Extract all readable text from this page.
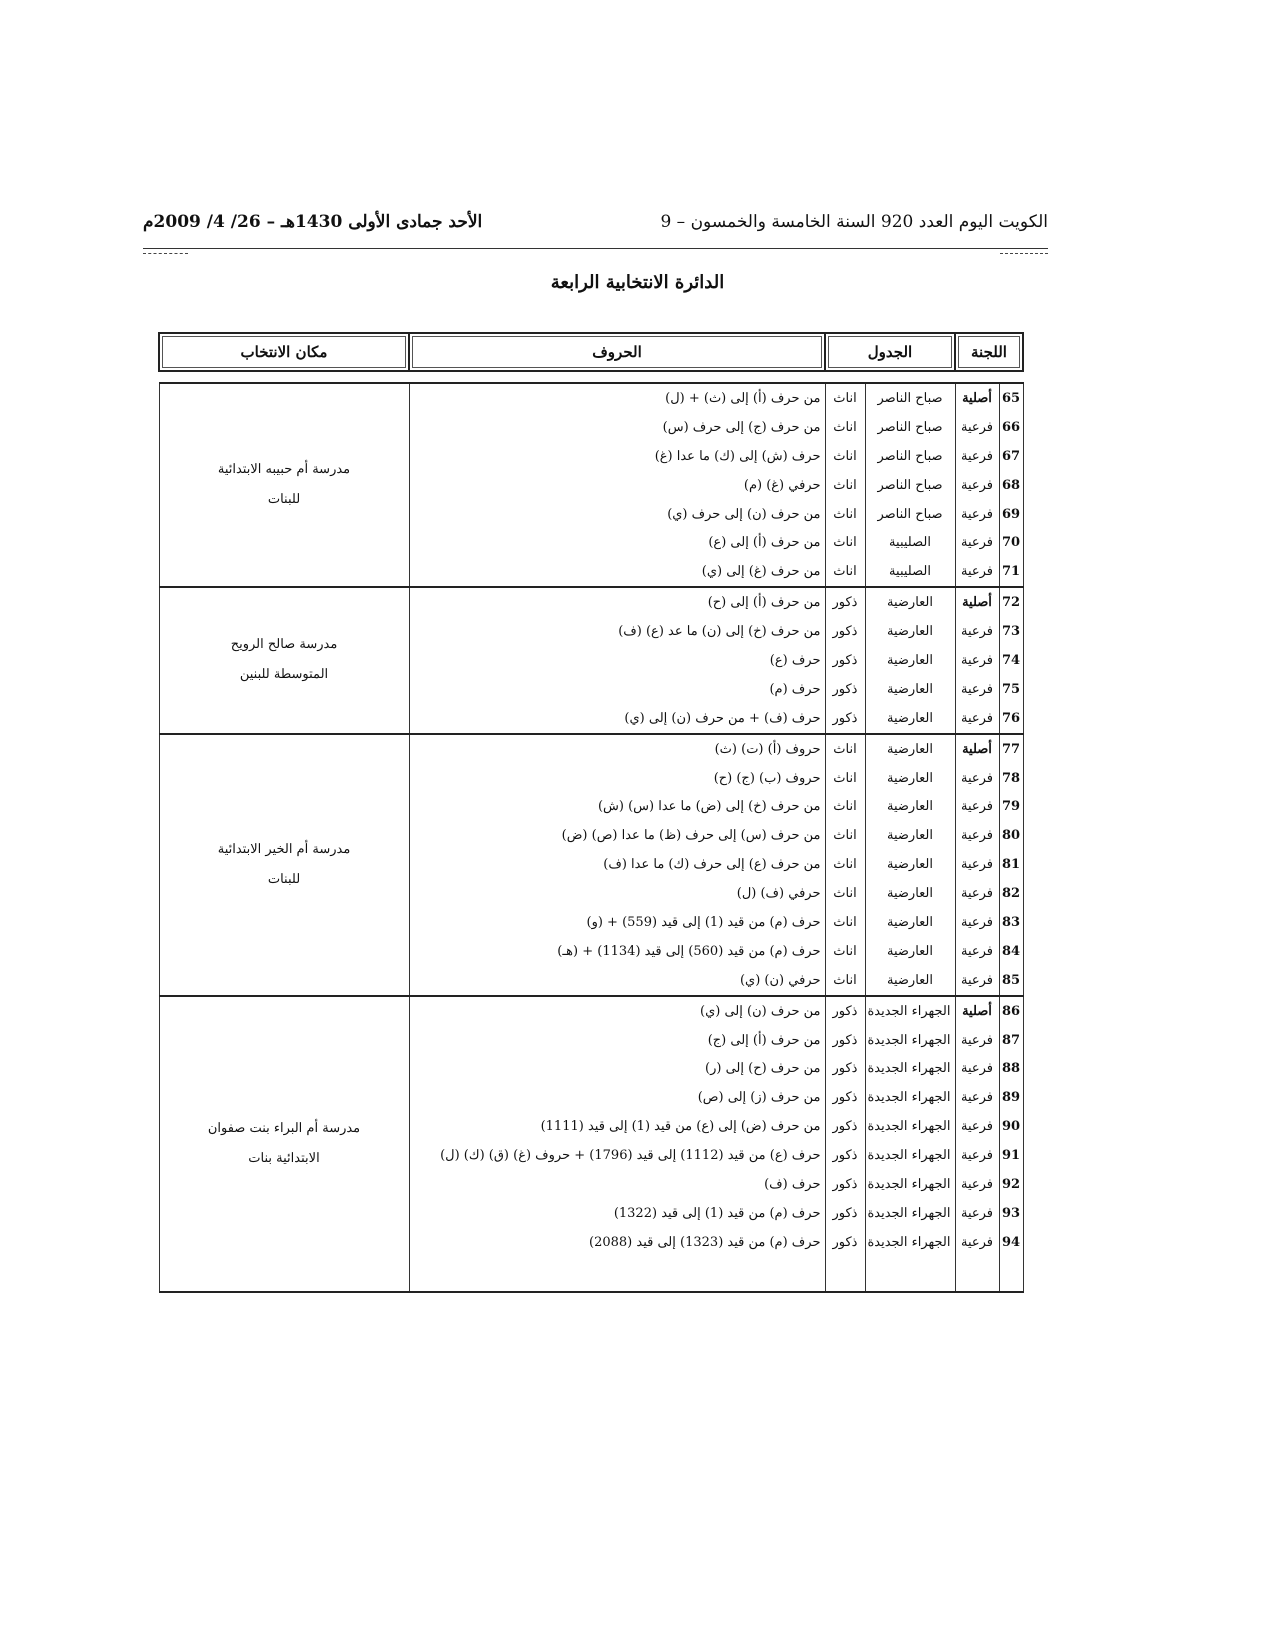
الكويت اليوم العدد 920 السنة الخامسة والخمسون – 9
الأحد جمادى الأولى 1430هـ – 26/ 4/ 2009م
الدائرة الانتخابية الرابعة
اللجنة		الجدول		الحروف	مكان الانتخاب

65	أصلية	صباح الناصر	اناث	من حرف (أ) إلى (ث) + (ل)	مدرسة أم حبيبه الابتدائية
للبنات

66	فرعية	صباح الناصر	اناث	من حرف (ج) إلى حرف (س)	
67	فرعية	صباح الناصر	اناث	حرف (ش) إلى (ك) ما عدا (غ)	
68	فرعية	صباح الناصر	اناث	حرفي (غ) (م)	
69	فرعية	صباح الناصر	اناث	من حرف (ن) إلى حرف (ي)	
70	فرعية	الصليبية	اناث	من حرف (أ) إلى (ع)	
71	فرعية	الصليبية	اناث	من حرف (غ) إلى (ي)	
72	أصلية	العارضية	ذكور	من حرف (أ) إلى (ح)	مدرسة صالح الرويح
المتوسطة للبنين

73	فرعية	العارضية	ذكور	من حرف (خ) إلى (ن) ما عد (ع) (ف)	
74	فرعية	العارضية	ذكور	حرف (ع)	
75	فرعية	العارضية	ذكور	حرف (م)	
76	فرعية	العارضية	ذكور	حرف (ف) + من حرف (ن) إلى (ي)	
77	أصلية	العارضية	اناث	حروف (أ) (ت) (ث)	مدرسة أم الخير الابتدائية
للبنات

78	فرعية	العارضية	اناث	حروف (ب) (ج) (ح)	
79	فرعية	العارضية	اناث	من حرف (خ) إلى (ض) ما عدا (س) (ش)	
80	فرعية	العارضية	اناث	من حرف (س) إلى حرف (ظ) ما عدا (ص) (ض)	
81	فرعية	العارضية	اناث	من حرف (ع) إلى حرف (ك) ما عدا (ف)	
82	فرعية	العارضية	اناث	حرفي (ف) (ل)	
83	فرعية	العارضية	اناث	حرف (م) من قيد (1) إلى قيد (559) + (و)	
84	فرعية	العارضية	اناث	حرف (م) من قيد (560) إلى قيد (1134) + (هـ)	
85	فرعية	العارضية	اناث	حرفي (ن) (ي)	
86	أصلية	الجهراء الجديدة	ذكور	من حرف (ن) إلى (ي)	مدرسة أم البراء بنت صفوان
الابتدائية بنات

87	فرعية	الجهراء الجديدة	ذكور	من حرف (أ) إلى (ج)	
88	فرعية	الجهراء الجديدة	ذكور	من حرف (ح) إلى (ر)	
89	فرعية	الجهراء الجديدة	ذكور	من حرف (ز) إلى (ص)	
90	فرعية	الجهراء الجديدة	ذكور	من حرف (ض) إلى (ع) من قيد (1) إلى قيد (1111)	
91	فرعية	الجهراء الجديدة	ذكور	حرف (ع) من قيد (1112) إلى قيد (1796) + حروف (غ) (ق) (ك) (ل)	
92	فرعية	الجهراء الجديدة	ذكور	حرف (ف)	
93	فرعية	الجهراء الجديدة	ذكور	حرف (م) من قيد (1) إلى قيد (1322)	
94	فرعية	الجهراء الجديدة	ذكور	حرف (م) من قيد (1323) إلى قيد (2088)	
